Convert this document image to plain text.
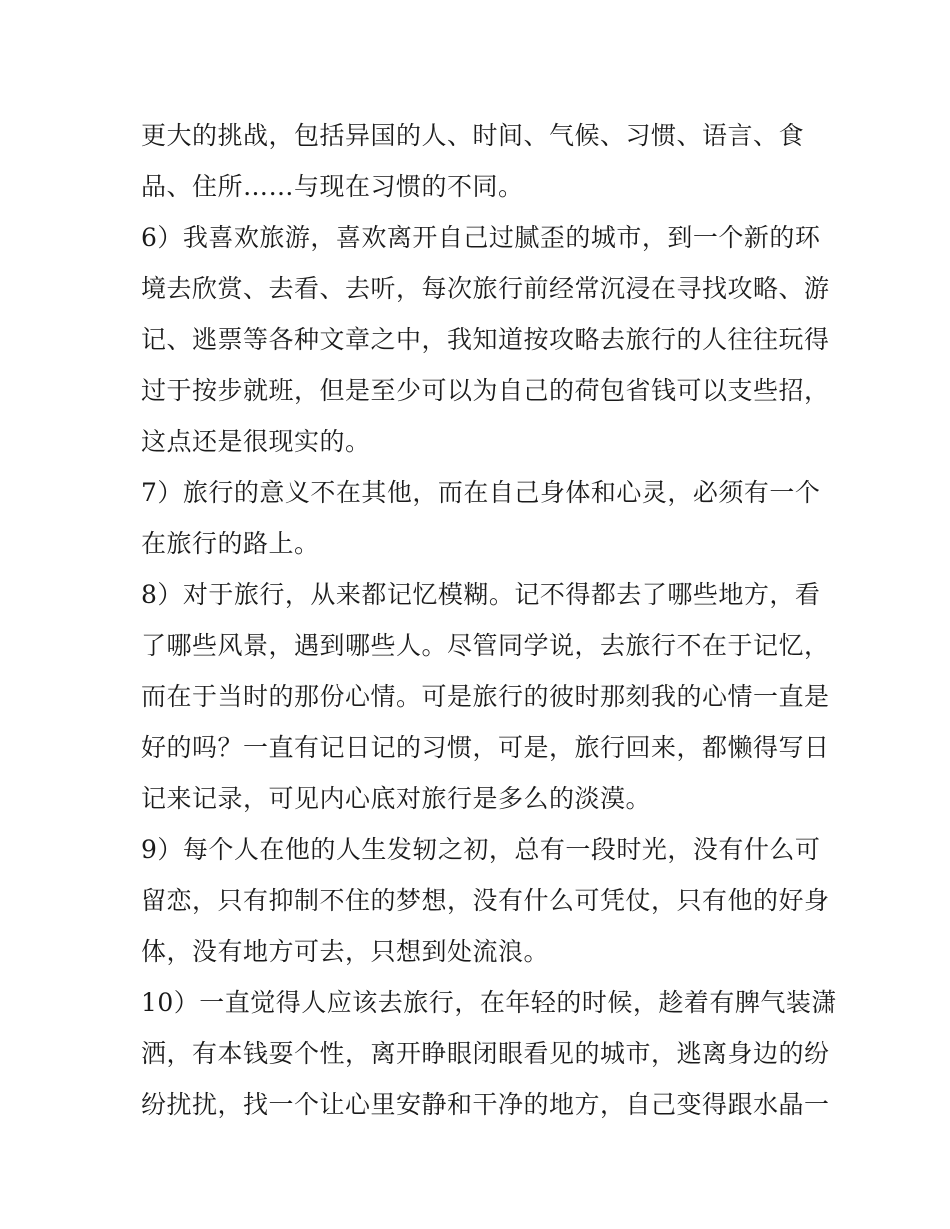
更大的挑战，包括异国的人、时间、气候、习惯、语言、食
品、住所……与现在习惯的不同。
6）我喜欢旅游，喜欢离开自己过腻歪的城市，到一个新的环
境去欣赏、去看、去听，每次旅行前经常沉浸在寻找攻略、游
记、逃票等各种文章之中，我知道按攻略去旅行的人往往玩得
过于按步就班，但是至少可以为自己的荷包省钱可以支些招，
这点还是很现实的。
7）旅行的意义不在其他，而在自己身体和心灵，必须有一个
在旅行的路上。
8）对于旅行，从来都记忆模糊。记不得都去了哪些地方，看
了哪些风景，遇到哪些人。尽管同学说，去旅行不在于记忆，
而在于当时的那份心情。可是旅行的彼时那刻我的心情一直是
好的吗？一直有记日记的习惯，可是，旅行回来，都懒得写日
记来记录，可见内心底对旅行是多么的淡漠。
9）每个人在他的人生发轫之初，总有一段时光，没有什么可
留恋，只有抑制不住的梦想，没有什么可凭仗，只有他的好身
体，没有地方可去，只想到处流浪。
10）一直觉得人应该去旅行，在年轻的时候，趁着有脾气装潇
洒，有本钱耍个性，离开睁眼闭眼看见的城市，逃离身边的纷
纷扰扰，找一个让心里安静和干净的地方，自己变得跟水晶一
